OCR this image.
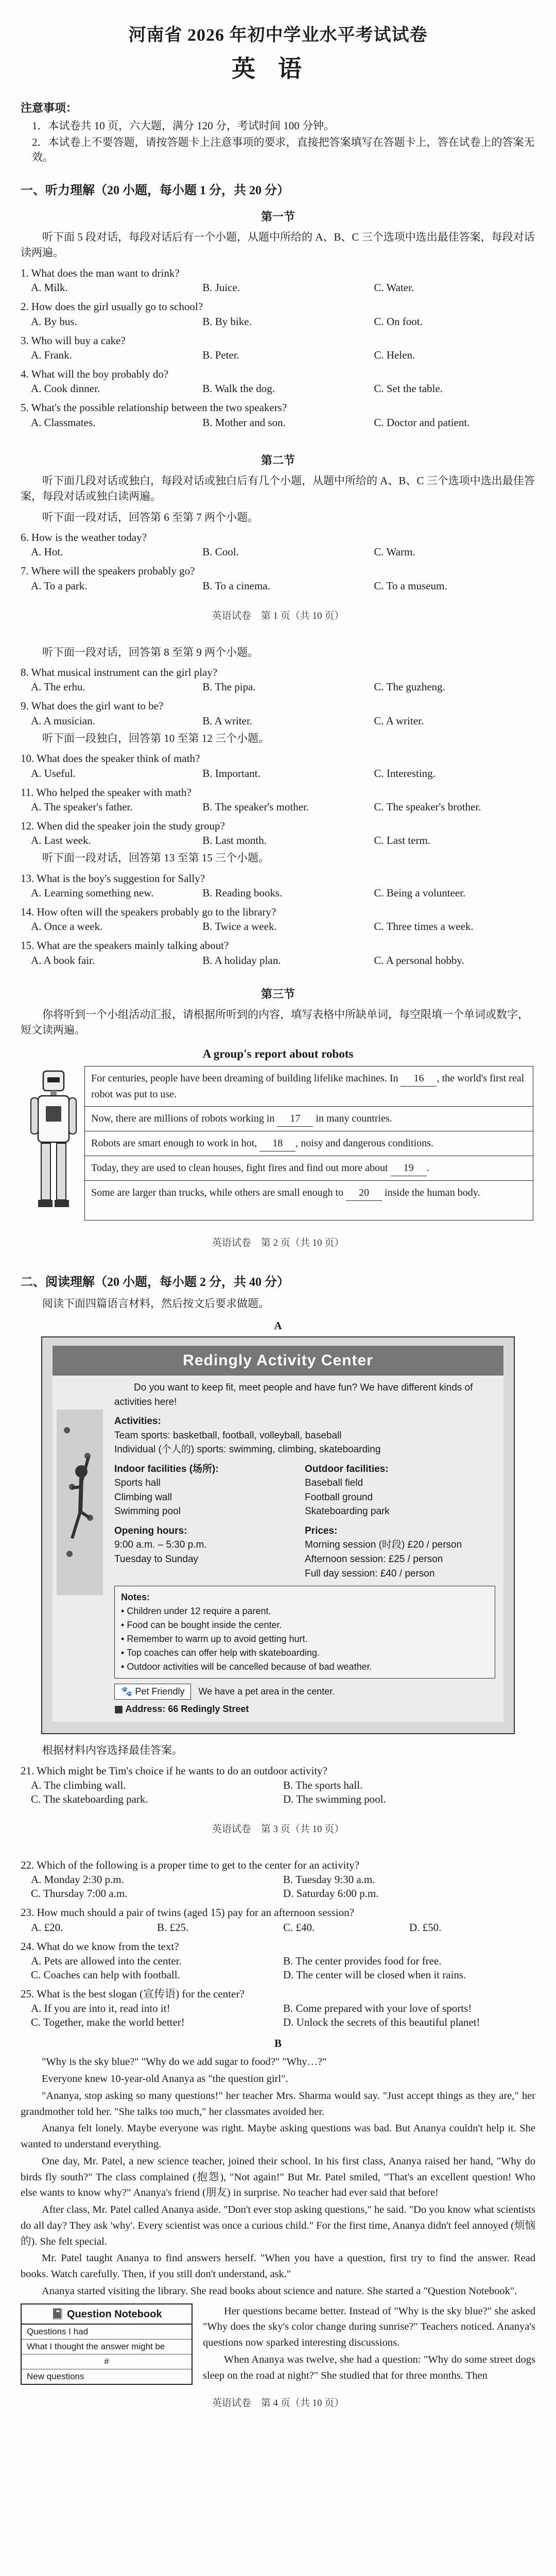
河南省 2026 年初中学业水平考试试卷
英语
注意事项：

1．本试卷共 10 页，六大题，满分 120 分，考试时间 100 分钟。

2．本试卷上不要答题，请按答题卡上注意事项的要求，直接把答案填写在答题卡上，答在试卷上的答案无效。

一、听力理解（20 小题，每小题 1 分，共 20 分）
第一节
听下面 5 段对话，每段对话后有一个小题，从题中所给的 A、B、C 三个选项中选出最佳答案，每段对话读两遍。
1. What does the man want to drink?
A. Milk.	B. Juice.	C. Water.
2. How does the girl usually go to school?
A. By bus.	B. By bike.	C. On foot.
3. Who will buy a cake?
A. Frank.	B. Peter.	C. Helen.
4. What will the boy probably do?
A. Cook dinner.	B. Walk the dog.	C. Set the table.
5. What's the possible relationship between the two speakers?
A. Classmates.	B. Mother and son.	C. Doctor and patient.
第二节
听下面几段对话或独白，每段对话或独白后有几个小题，从题中所给的 A、B、C 三个选项中选出最佳答案，每段对话或独白读两遍。
听下面一段对话，回答第 6 至第 7 两个小题。
6. How is the weather today?
A. Hot.	B. Cool.	C. Warm.
7. Where will the speakers probably go?
A. To a park.	B. To a cinema.	C. To a museum.
英语试卷　第 1 页（共 10 页）
听下面一段对话，回答第 8 至第 9 两个小题。
8. What musical instrument can the girl play?
A. The erhu.	B. The pipa.	C. The guzheng.
9. What does the girl want to be?
A. A musician.	B. A writer.	C. A writer.
听下面一段独白，回答第 10 至第 12 三个小题。
10. What does the speaker think of math?
A. Useful.	B. Important.	C. Interesting.
11. Who helped the speaker with math?
A. The speaker's father.	B. The speaker's mother.	C. The speaker's brother.
12. When did the speaker join the study group?
A. Last week.	B. Last month.	C. Last term.
听下面一段对话，回答第 13 至第 15 三个小题。
13. What is the boy's suggestion for Sally?
A. Learning something new.	B. Reading books.	C. Being a volunteer.
14. How often will the speakers probably go to the library?
A. Once a week.	B. Twice a week.	C. Three times a week.
15. What are the speakers mainly talking about?
A. A book fair.	B. A holiday plan.	C. A personal hobby.
第三节
你将听到一个小组活动汇报，请根据所听到的内容，填写表格中所缺单词，每空限填一个单词或数字，短文读两遍。
A group's report about robots
For centuries, people have been dreaming of building lifelike machines. In 16 , the world's first real robot was put to use.
Now, there are millions of robots working in 17 in many countries.
Robots are smart enough to work in hot, 18 , noisy and dangerous conditions.
Today, they are used to clean houses, fight fires and find out more about 19 .
Some are larger than trucks, while others are small enough to 20 inside the human body.
英语试卷　第 2 页（共 10 页）
二、阅读理解（20 小题，每小题 2 分，共 40 分）
阅读下面四篇语言材料，然后按文后要求做题。
A
Redingly Activity Center
Do you want to keep fit, meet people and have fun? We have different kinds of activities here!
Activities:
Team sports: basketball, football, volleyball, baseball
Individual (个人的) sports: swimming, climbing, skateboarding
Indoor facilities (场所):
Sports hall
Climbing wall
Swimming pool
Outdoor facilities:
Baseball field
Football ground
Skateboarding park
Opening hours:
9:00 a.m. – 5:30 p.m.
Tuesday to Sunday
Prices:
Morning session (时段) £20 / person
Afternoon session: £25 / person
Full day session: £40 / person
Notes:
• Children under 12 require a parent.
• Food can be bought inside the center.
• Remember to warm up to avoid getting hurt.
• Top coaches can offer help with skateboarding.
• Outdoor activities will be cancelled because of bad weather.
🐾 Pet Friendly	We have a pet area in the center.
▦ Address: 66 Redingly Street
根据材料内容选择最佳答案。
21. Which might be Tim's choice if he wants to do an outdoor activity?
A. The climbing wall.	B. The sports hall.
C. The skateboarding park.	D. The swimming pool.
英语试卷　第 3 页（共 10 页）
22. Which of the following is a proper time to get to the center for an activity?
A. Monday 2:30 p.m.	B. Tuesday 9:30 a.m.
C. Thursday 7:00 a.m.	D. Saturday 6:00 p.m.
23. How much should a pair of twins (aged 15) pay for an afternoon session?
A. £20.	B. £25.	C. £40.	D. £50.
24. What do we know from the text?
A. Pets are allowed into the center.	B. The center provides food for free.
C. Coaches can help with football.	D. The center will be closed when it rains.
25. What is the best slogan (宣传语) for the center?
A. If you are into it, read into it!	B. Come prepared with your love of sports!
C. Together, make the world better!	D. Unlock the secrets of this beautiful planet!
B

"Why is the sky blue?" "Why do we add sugar to food?" "Why…?"

Everyone knew 10-year-old Ananya as "the question girl".

"Ananya, stop asking so many questions!" her teacher Mrs. Sharma would say. "Just accept things as they are," her grandmother told her. "She talks too much," her classmates avoided her.

Ananya felt lonely. Maybe everyone was right. Maybe asking questions was bad. But Ananya couldn't help it. She wanted to understand everything.

One day, Mr. Patel, a new science teacher, joined their school. In his first class, Ananya raised her hand, "Why do birds fly south?" The class complained (抱怨), "Not again!" But Mr. Patel smiled, "That's an excellent question! Who else wants to know why?" Ananya's friend (朋友) in surprise. No teacher had ever said that before!

After class, Mr. Patel called Ananya aside. "Don't ever stop asking questions," he said. "Do you know what scientists do all day? They ask 'why'. Every scientist was once a curious child." For the first time, Ananya didn't feel annoyed (烦恼的). She felt special.

Mr. Patel taught Ananya to find answers herself. "When you have a question, first try to find the answer. Read books. Watch carefully. Then, if you still don't understand, ask."

Ananya started visiting the library. She read books about science and nature. She started a "Question Notebook".

📓 Question Notebook
Questions I had
What I thought the answer might be
#
New questions

Her questions became better. Instead of "Why is the sky blue?" she asked "Why does the sky's color change during sunrise?" Teachers noticed. Ananya's questions now sparked interesting discussions.

When Ananya was twelve, she had a question: "Why do some street dogs sleep on the road at night?" She studied that for three months. Then

英语试卷　第 4 页（共 10 页）
